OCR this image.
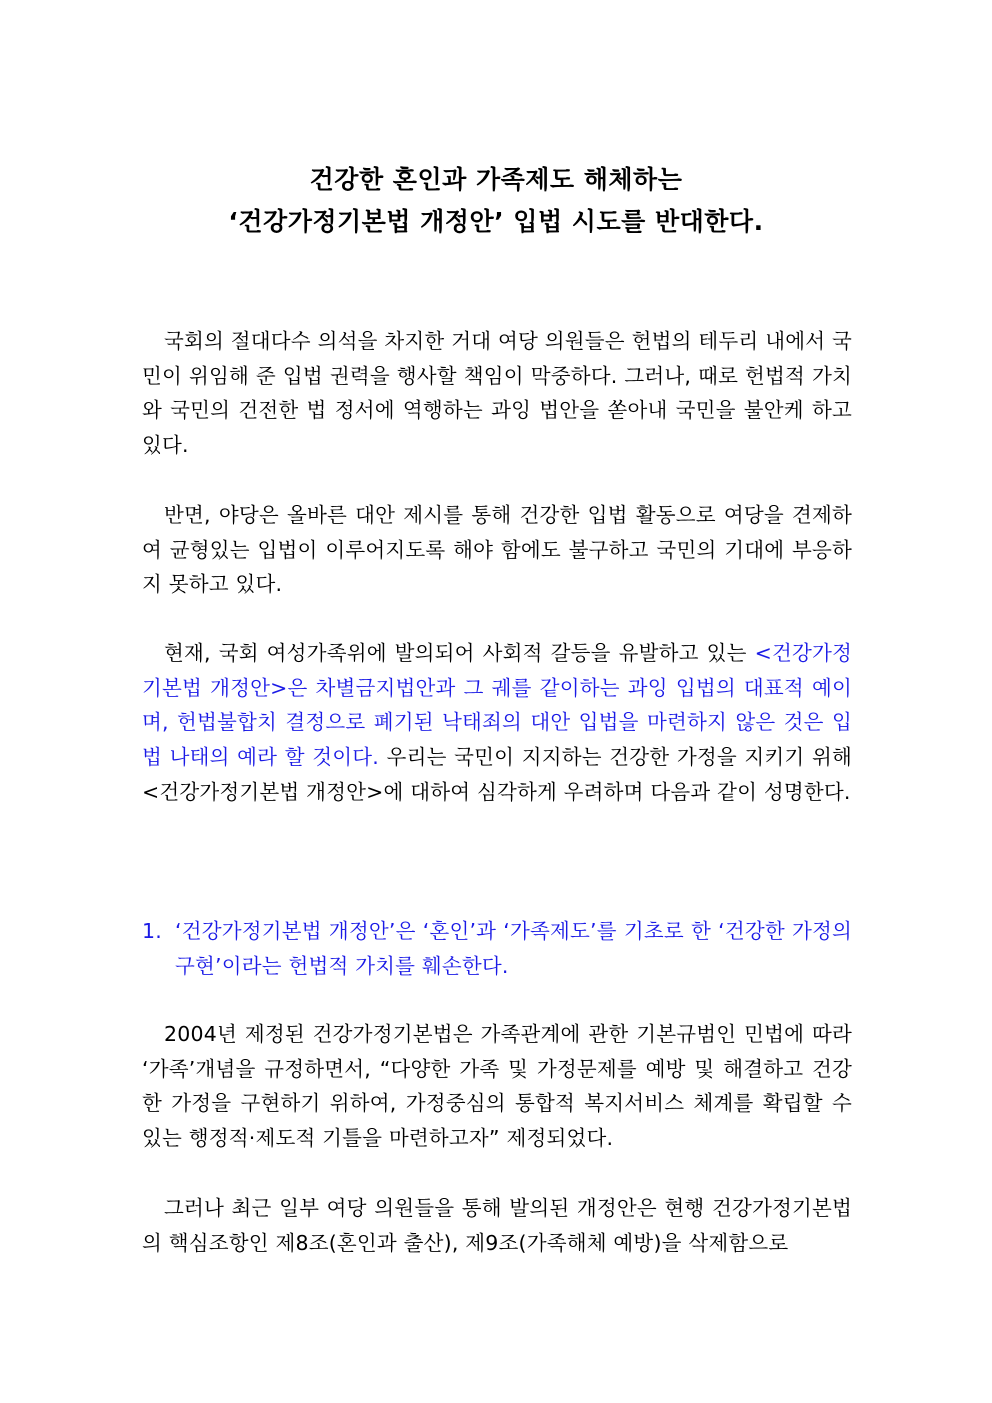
건강한 혼인과 가족제도 해체하는
‘건강가정기본법 개정안’ 입법 시도를 반대한다.

국회의 절대다수 의석을 차지한 거대 여당 의원들은 헌법의 테두리 내에서 국민이 위임해 준 입법 권력을 행사할 책임이 막중하다. 그러나, 때로 헌법적 가치와 국민의 건전한 법 정서에 역행하는 과잉 법안을 쏟아내 국민을 불안케 하고 있다.

반면, 야당은 올바른 대안 제시를 통해 건강한 입법 활동으로 여당을 견제하여 균형있는 입법이 이루어지도록 해야 함에도 불구하고 국민의 기대에 부응하지 못하고 있다.

현재, 국회 여성가족위에 발의되어 사회적 갈등을 유발하고 있는 <건강가정기본법 개정안>은 차별금지법안과 그 궤를 같이하는 과잉 입법의 대표적 예이며, 헌법불합치 결정으로 폐기된 낙태죄의 대안 입법을 마련하지 않은 것은 입법 나태의 예라 할 것이다. 우리는 국민이 지지하는 건강한 가정을 지키기 위해 <건강가정기본법 개정안>에 대하여 심각하게 우려하며 다음과 같이 성명한다.

1. ‘건강가정기본법 개정안’은 ‘혼인’과 ‘가족제도’를 기초로 한 ‘건강한 가정의 구현’이라는 헌법적 가치를 훼손한다.

2004년 제정된 건강가정기본법은 가족관계에 관한 기본규범인 민법에 따라 ‘가족’개념을 규정하면서, “다양한 가족 및 가정문제를 예방 및 해결하고 건강한 가정을 구현하기 위하여, 가정중심의 통합적 복지서비스 체계를 확립할 수 있는 행정적·제도적 기틀을 마련하고자” 제정되었다.

그러나 최근 일부 여당 의원들을 통해 발의된 개정안은 현행 건강가정기본법의 핵심조항인 제8조(혼인과 출산), 제9조(가족해체 예방)을 삭제함으로
